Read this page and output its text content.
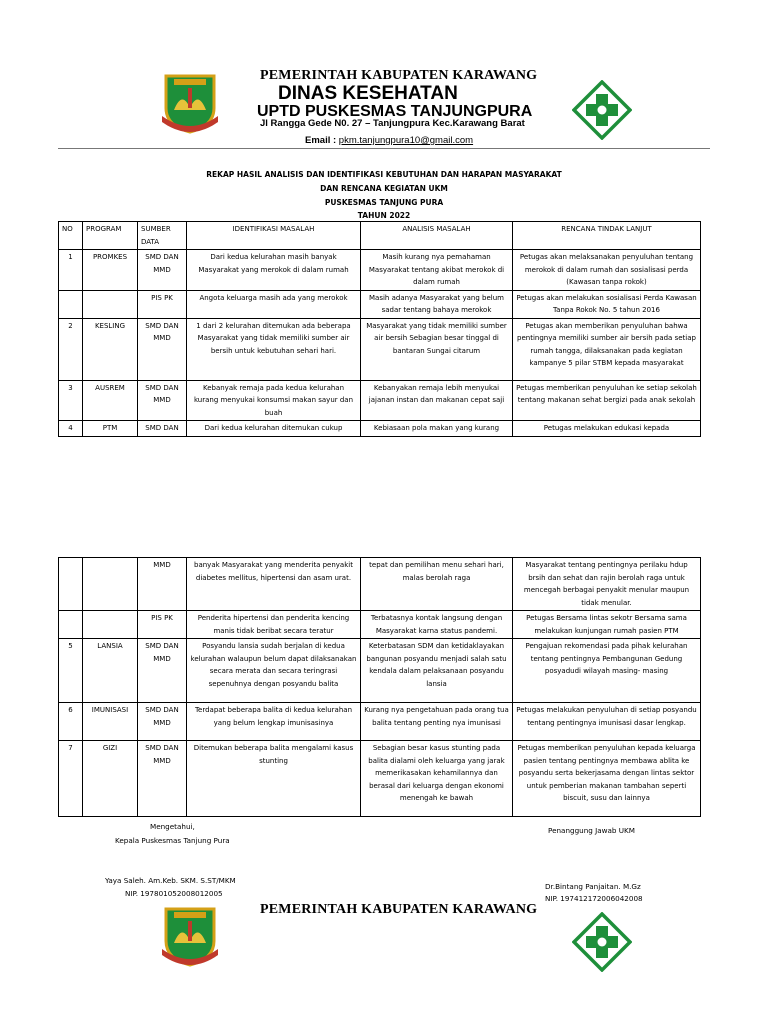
PEMERINTAH KABUPATEN KARAWANG
DINAS KESEHATAN
UPTD PUSKESMAS TANJUNGPURA
Jl Rangga Gede N0. 27 – Tanjungpura Kec.Karawang Barat
Email : pkm.tanjungpura10@gmail.com
REKAP HASIL ANALISIS DAN IDENTIFIKASI KEBUTUHAN DAN HARAPAN MASYARAKAT
DAN RENCANA KEGIATAN UKM
PUSKESMAS TANJUNG PURA
TAHUN 2022
NO	PROGRAM	SUMBER DATA	IDENTIFIKASI MASALAH	ANALISIS MASALAH	RENCANA TINDAK LANJUT
1	PROMKES	SMD DAN MMD	Dari kedua kelurahan masih banyak Masyarakat yang merokok di dalam rumah	Masih kurang nya pemahaman Masyarakat tentang akibat merokok di dalam rumah	Petugas akan melaksanakan penyuluhan tentang merokok di dalam rumah dan sosialisasi perda (Kawasan tanpa rokok)
		PIS PK	Angota keluarga masih ada yang merokok	Masih adanya Masyarakat yang belum sadar tentang bahaya merokok	Petugas akan melakukan sosialisasi Perda Kawasan Tanpa Rokok No. 5 tahun 2016
2	KESLING	SMD DAN MMD	1 dari 2 kelurahan ditemukan ada beberapa Masyarakat yang tidak memiliki sumber air bersih untuk kebutuhan sehari hari.	Masyarakat yang tidak memiliki sumber air bersih Sebagian besar tinggal di bantaran Sungai citarum	Petugas akan memberikan penyuluhan bahwa pentingnya memiliki sumber air bersih pada setiap rumah tangga, dilaksanakan pada kegiatan kampanye 5 pilar STBM kepada masyarakat
3	AUSREM	SMD DAN MMD	Kebanyak remaja pada kedua kelurahan kurang menyukai konsumsi makan sayur dan buah	Kebanyakan remaja lebih menyukai jajanan instan dan makanan cepat saji	Petugas memberikan penyuluhan ke setiap sekolah tentang makanan sehat bergizi pada anak sekolah
4	PTM	SMD DAN	Dari kedua kelurahan ditemukan cukup	Kebiasaan pola makan yang kurang	Petugas melakukan edukasi kepada
		MMD	banyak Masyarakat yang menderita penyakit diabetes mellitus, hipertensi dan asam urat.	tepat dan pemilihan menu sehari hari, malas berolah raga	Masyarakat tentang pentingnya perilaku hdup brsih dan sehat dan rajin berolah raga untuk mencegah berbagai penyakit menular maupun tidak menular.
		PIS PK	Penderita hipertensi dan penderita kencing manis tidak beribat secara teratur	Terbatasnya kontak langsung dengan Masyarakat karna status pandemi.	Petugas Bersama lintas sekotr Bersama sama melakukan kunjungan rumah pasien PTM
5	LANSIA	SMD DAN MMD	Posyandu lansia sudah berjalan di kedua kelurahan walaupun belum dapat dilaksanakan secara merata dan secara teringrasi sepenuhnya dengan posyandu balita	Keterbatasan SDM dan ketidaklayakan bangunan posyandu menjadi salah satu kendala dalam pelaksanaan posyandu lansia	Pengajuan rekomendasi pada pihak kelurahan tentang pentingnya Pembangunan Gedung posyadudi wilayah masing- masing
6	IMUNISASI	SMD DAN MMD	Terdapat beberapa balita di kedua kelurahan yang belum lengkap imunisasinya	Kurang nya pengetahuan pada orang tua balita tentang penting nya imunisasi	Petugas melakukan penyuluhan di setiap posyandu tentang pentingnya imunisasi dasar lengkap.
7	GIZI	SMD DAN MMD	Ditemukan beberapa balita mengalami kasus stunting	Sebagian besar kasus stunting pada balita dialami oleh keluarga yang jarak memerikasakan kehamilannya dan berasal dari keluarga dengan ekonomi menengah ke bawah	Petugas memberikan penyuluhan kepada keluarga pasien tentang pentingnya membawa ablita ke posyandu serta bekerjasama dengan lintas sektor untuk pemberian makanan tambahan seperti biscuit, susu dan lainnya
Mengetahui,
Kepala Puskesmas Tanjung Pura
Penanggung Jawab UKM
Yaya Saleh. Am.Keb. SKM. S.ST/MKM
NIP. 197801052008012005
Dr.Bintang Panjaitan. M.Gz
NIP. 197412172006042008
PEMERINTAH KABUPATEN KARAWANG
